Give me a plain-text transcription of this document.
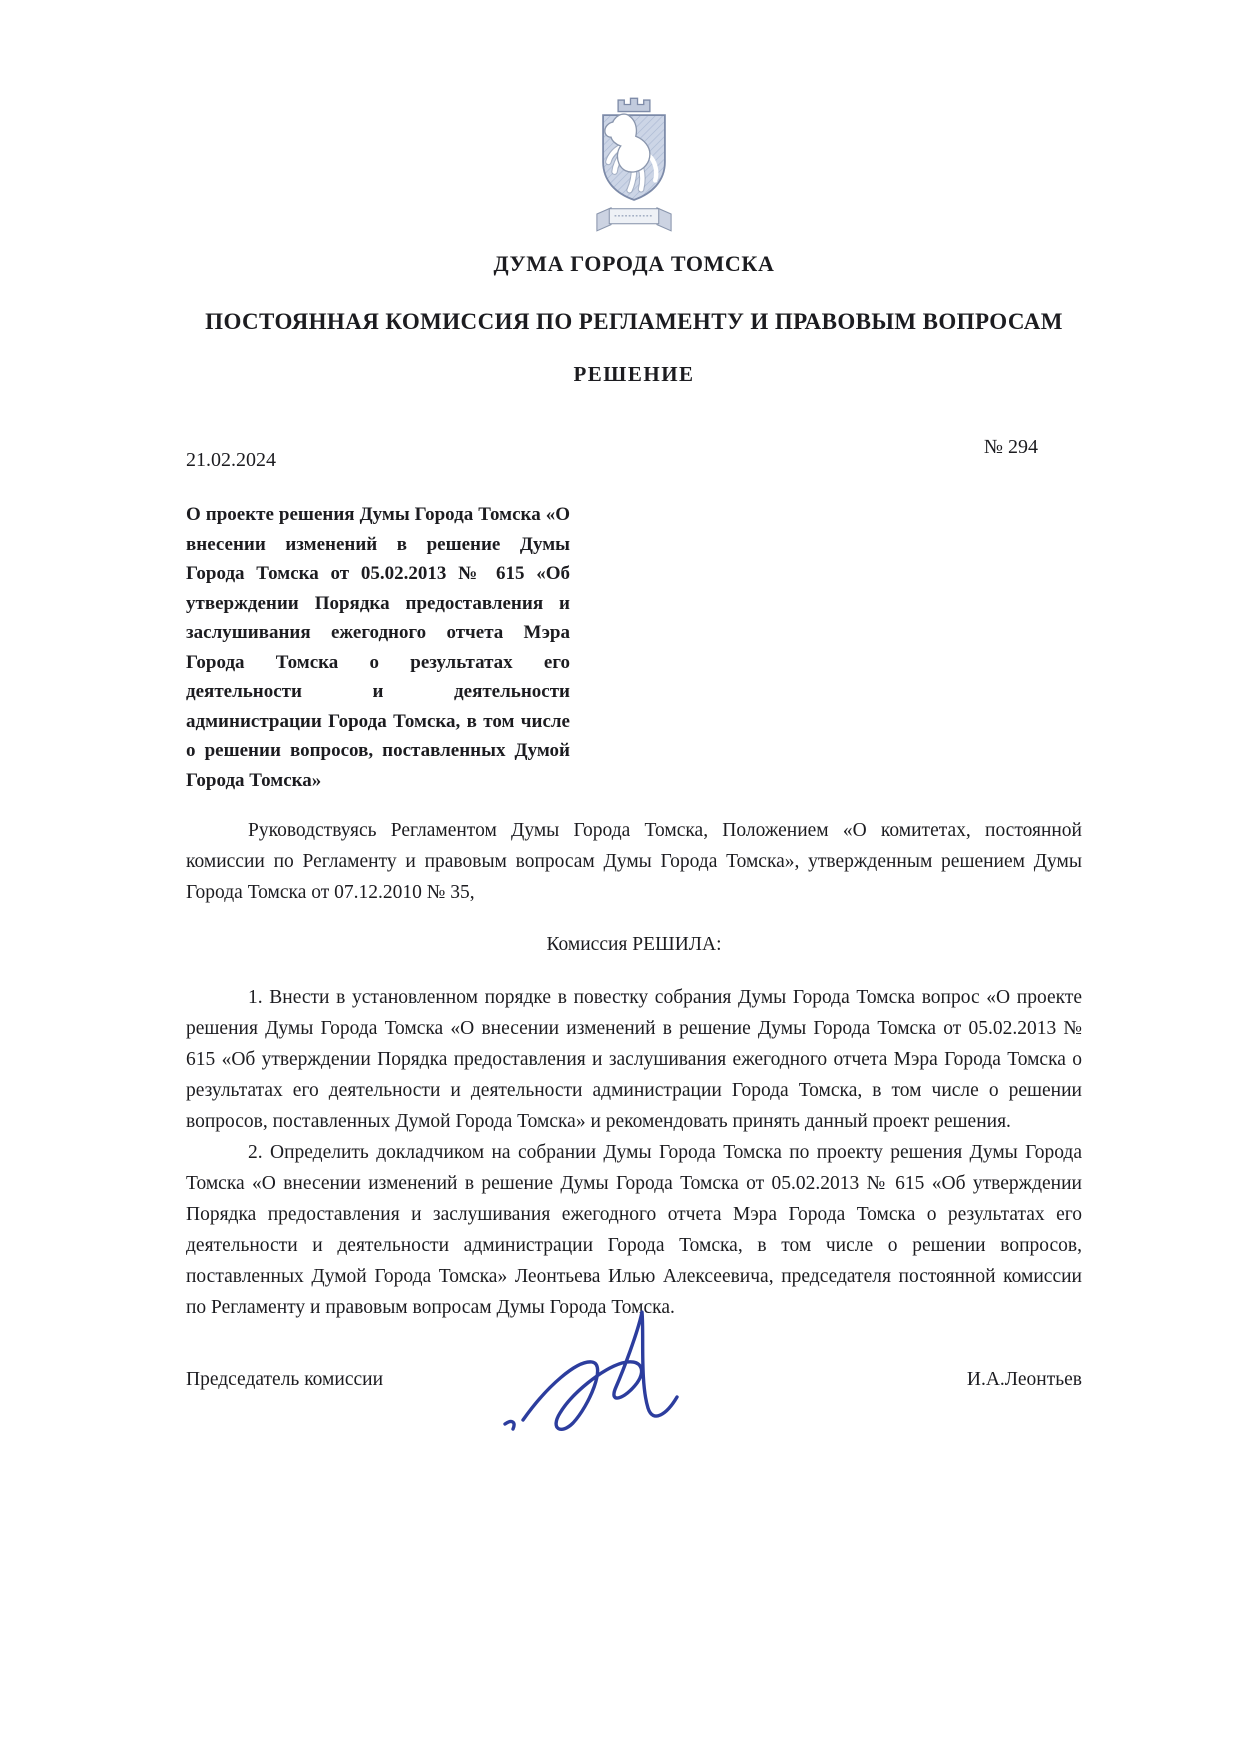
ДУМА ГОРОДА ТОМСКА
ПОСТОЯННАЯ КОМИССИЯ ПО РЕГЛАМЕНТУ И ПРАВОВЫМ ВОПРОСАМ
РЕШЕНИЕ
21.02.2024
№ 294
О проекте решения Думы Города Томска «О внесении изменений в решение Думы Города Томска от 05.02.2013 № 615 «Об утверждении Порядка предоставления и заслушивания ежегодного отчета Мэра Города Томска о результатах его деятельности и деятельности администрации Города Томска, в том числе о решении вопросов, поставленных Думой Города Томска»

Руководствуясь Регламентом Думы Города Томска, Положением «О комитетах, постоянной комиссии по Регламенту и правовым вопросам Думы Города Томска», утвержденным решением Думы Города Томска от 07.12.2010 № 35,

Комиссия РЕШИЛА:

1. Внести в установленном порядке в повестку собрания Думы Города Томска вопрос «О проекте решения Думы Города Томска «О внесении изменений в решение Думы Города Томска от 05.02.2013 № 615 «Об утверждении Порядка предоставления и заслушивания ежегодного отчета Мэра Города Томска о результатах его деятельности и деятельности администрации Города Томска, в том числе о решении вопросов, поставленных Думой Города Томска» и рекомендовать принять данный проект решения.

2. Определить докладчиком на собрании Думы Города Томска по проекту решения Думы Города Томска «О внесении изменений в решение Думы Города Томска от 05.02.2013 № 615 «Об утверждении Порядка предоставления и заслушивания ежегодного отчета Мэра Города Томска о результатах его деятельности и деятельности администрации Города Томска, в том числе о решении вопросов, поставленных Думой Города Томска» Леонтьева Илью Алексеевича, председателя постоянной комиссии по Регламенту и правовым вопросам Думы Города Томска.

Председатель комиссии	И.А.Леонтьев
